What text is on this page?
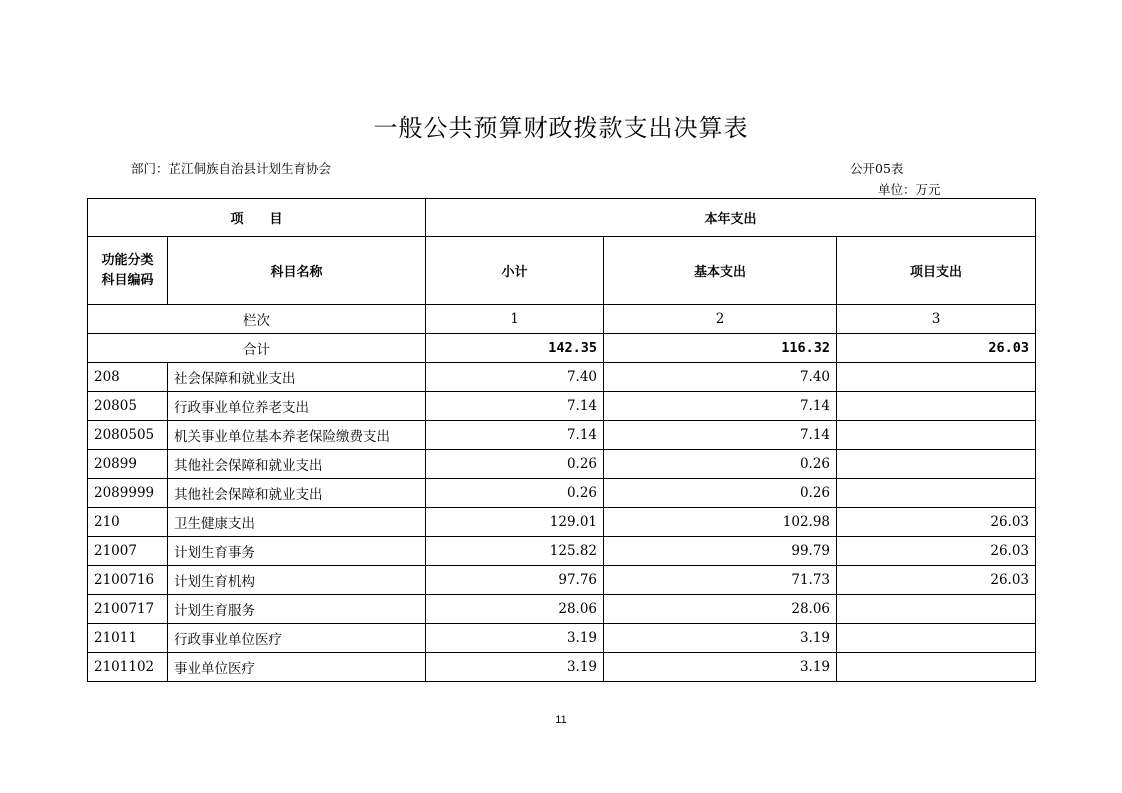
一般公共预算财政拨款支出决算表
部门：芷江侗族自治县计划生育协会	公开05表
单位：万元
项　　目		本年支出		
功能分类
科目编码	科目名称	小计	基本支出	项目支出
栏次		1	2	3
合计		142.35	116.32	26.03
208	社会保障和就业支出	7.40	7.40	
20805	行政事业单位养老支出	7.14	7.14	
2080505	机关事业单位基本养老保险缴费支出	7.14	7.14	
20899	其他社会保障和就业支出	0.26	0.26	
2089999	其他社会保障和就业支出	0.26	0.26	
210	卫生健康支出	129.01	102.98	26.03
21007	计划生育事务	125.82	99.79	26.03
2100716	计划生育机构	97.76	71.73	26.03
2100717	计划生育服务	28.06	28.06	
21011	行政事业单位医疗	3.19	3.19	
2101102	事业单位医疗	3.19	3.19	
11
